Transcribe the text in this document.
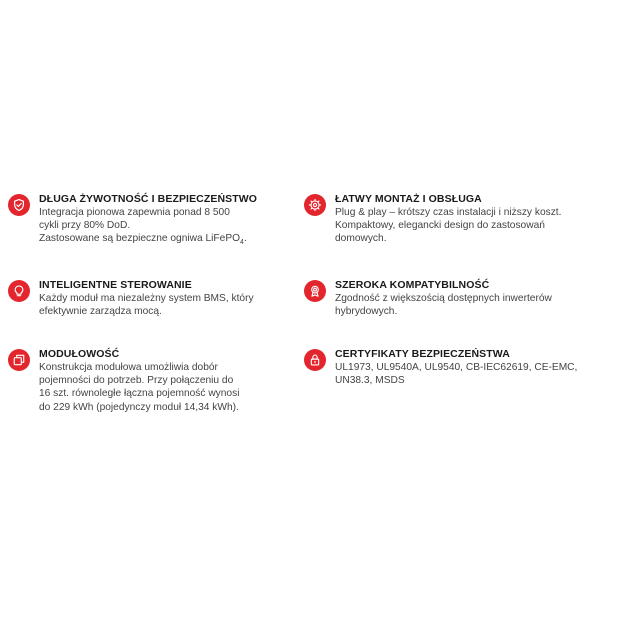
DŁUGA ŻYWOTNOŚĆ I BEZPIECZEŃSTWO
Integracja pionowa zapewnia ponad 8 500
cykli przy 80% DoD.
Zastosowane są bezpieczne ogniwa LiFePO$_4$.
ŁATWY MONTAŻ I OBSŁUGA
Plug & play – krótszy czas instalacji i niższy koszt.
Kompaktowy, elegancki design do zastosowań
domowych.
INTELIGENTNE STEROWANIE
Każdy moduł ma niezależny system BMS, który
efektywnie zarządza mocą.
SZEROKA KOMPATYBILNOŚĆ
Zgodność z większością dostępnych inwerterów
hybrydowych.
MODUŁOWOŚĆ
Konstrukcja modułowa umożliwia dobór
pojemności do potrzeb. Przy połączeniu do
16 szt. równoległe łączna pojemność wynosi
do 229 kWh (pojedynczy moduł 14,34 kWh).
CERTYFIKATY BEZPIECZEŃSTWA
UL1973, UL9540A, UL9540, CB-IEC62619, CE-EMC,
UN38.3, MSDS
